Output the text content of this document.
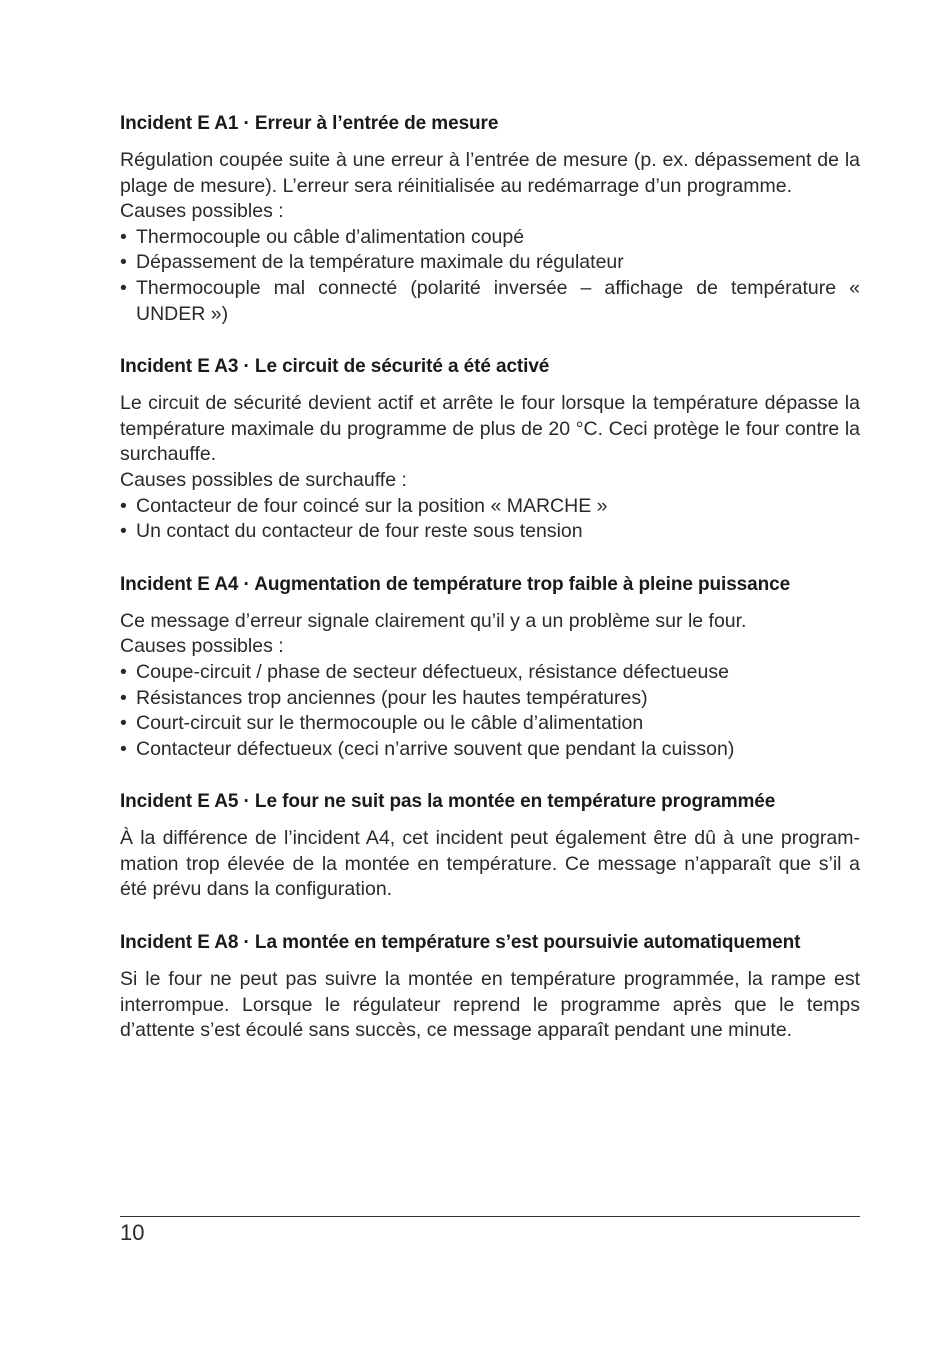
Incident E A1 · Erreur à l’entrée de mesure

Régulation coupée suite à une erreur à l’entrée de mesure (p. ex. dépassement de la plage de mesure). L’erreur sera réinitialisée au redémarrage d’un programme.

Causes possibles :

• Thermocouple ou câble d’alimentation coupé
• Dépassement de la température maximale du régulateur
• Thermocouple mal connecté (polarité inversée – affichage de température « UNDER »)
Incident E A3 · Le circuit de sécurité a été activé

Le circuit de sécurité devient actif et arrête le four lorsque la température dépasse la température maximale du programme de plus de 20 °C. Ceci protège le four contre la surchauffe.

Causes possibles de surchauffe :

• Contacteur de four coincé sur la position « MARCHE »
• Un contact du contacteur de four reste sous tension
Incident E A4 · Augmentation de température trop faible à pleine puissance

Ce message d’erreur signale clairement qu’il y a un problème sur le four.

Causes possibles :

• Coupe-circuit / phase de secteur défectueux, résistance défectueuse
• Résistances trop anciennes (pour les hautes températures)
• Court-circuit sur le thermocouple ou le câble d’alimentation
• Contacteur défectueux (ceci n’arrive souvent que pendant la cuisson)
Incident E A5 · Le four ne suit pas la montée en température programmée

À la différence de l’incident A4, cet incident peut également être dû à une programmation trop élevée de la montée en température. Ce message n’apparaît que s’il a été prévu dans la configuration.

Incident E A8 · La montée en température s’est poursuivie automatiquement

Si le four ne peut pas suivre la montée en température programmée, la rampe est interrompue. Lorsque le régulateur reprend le programme après que le temps d’attente s’est écoulé sans succès, ce message apparaît pendant une minute.

10
